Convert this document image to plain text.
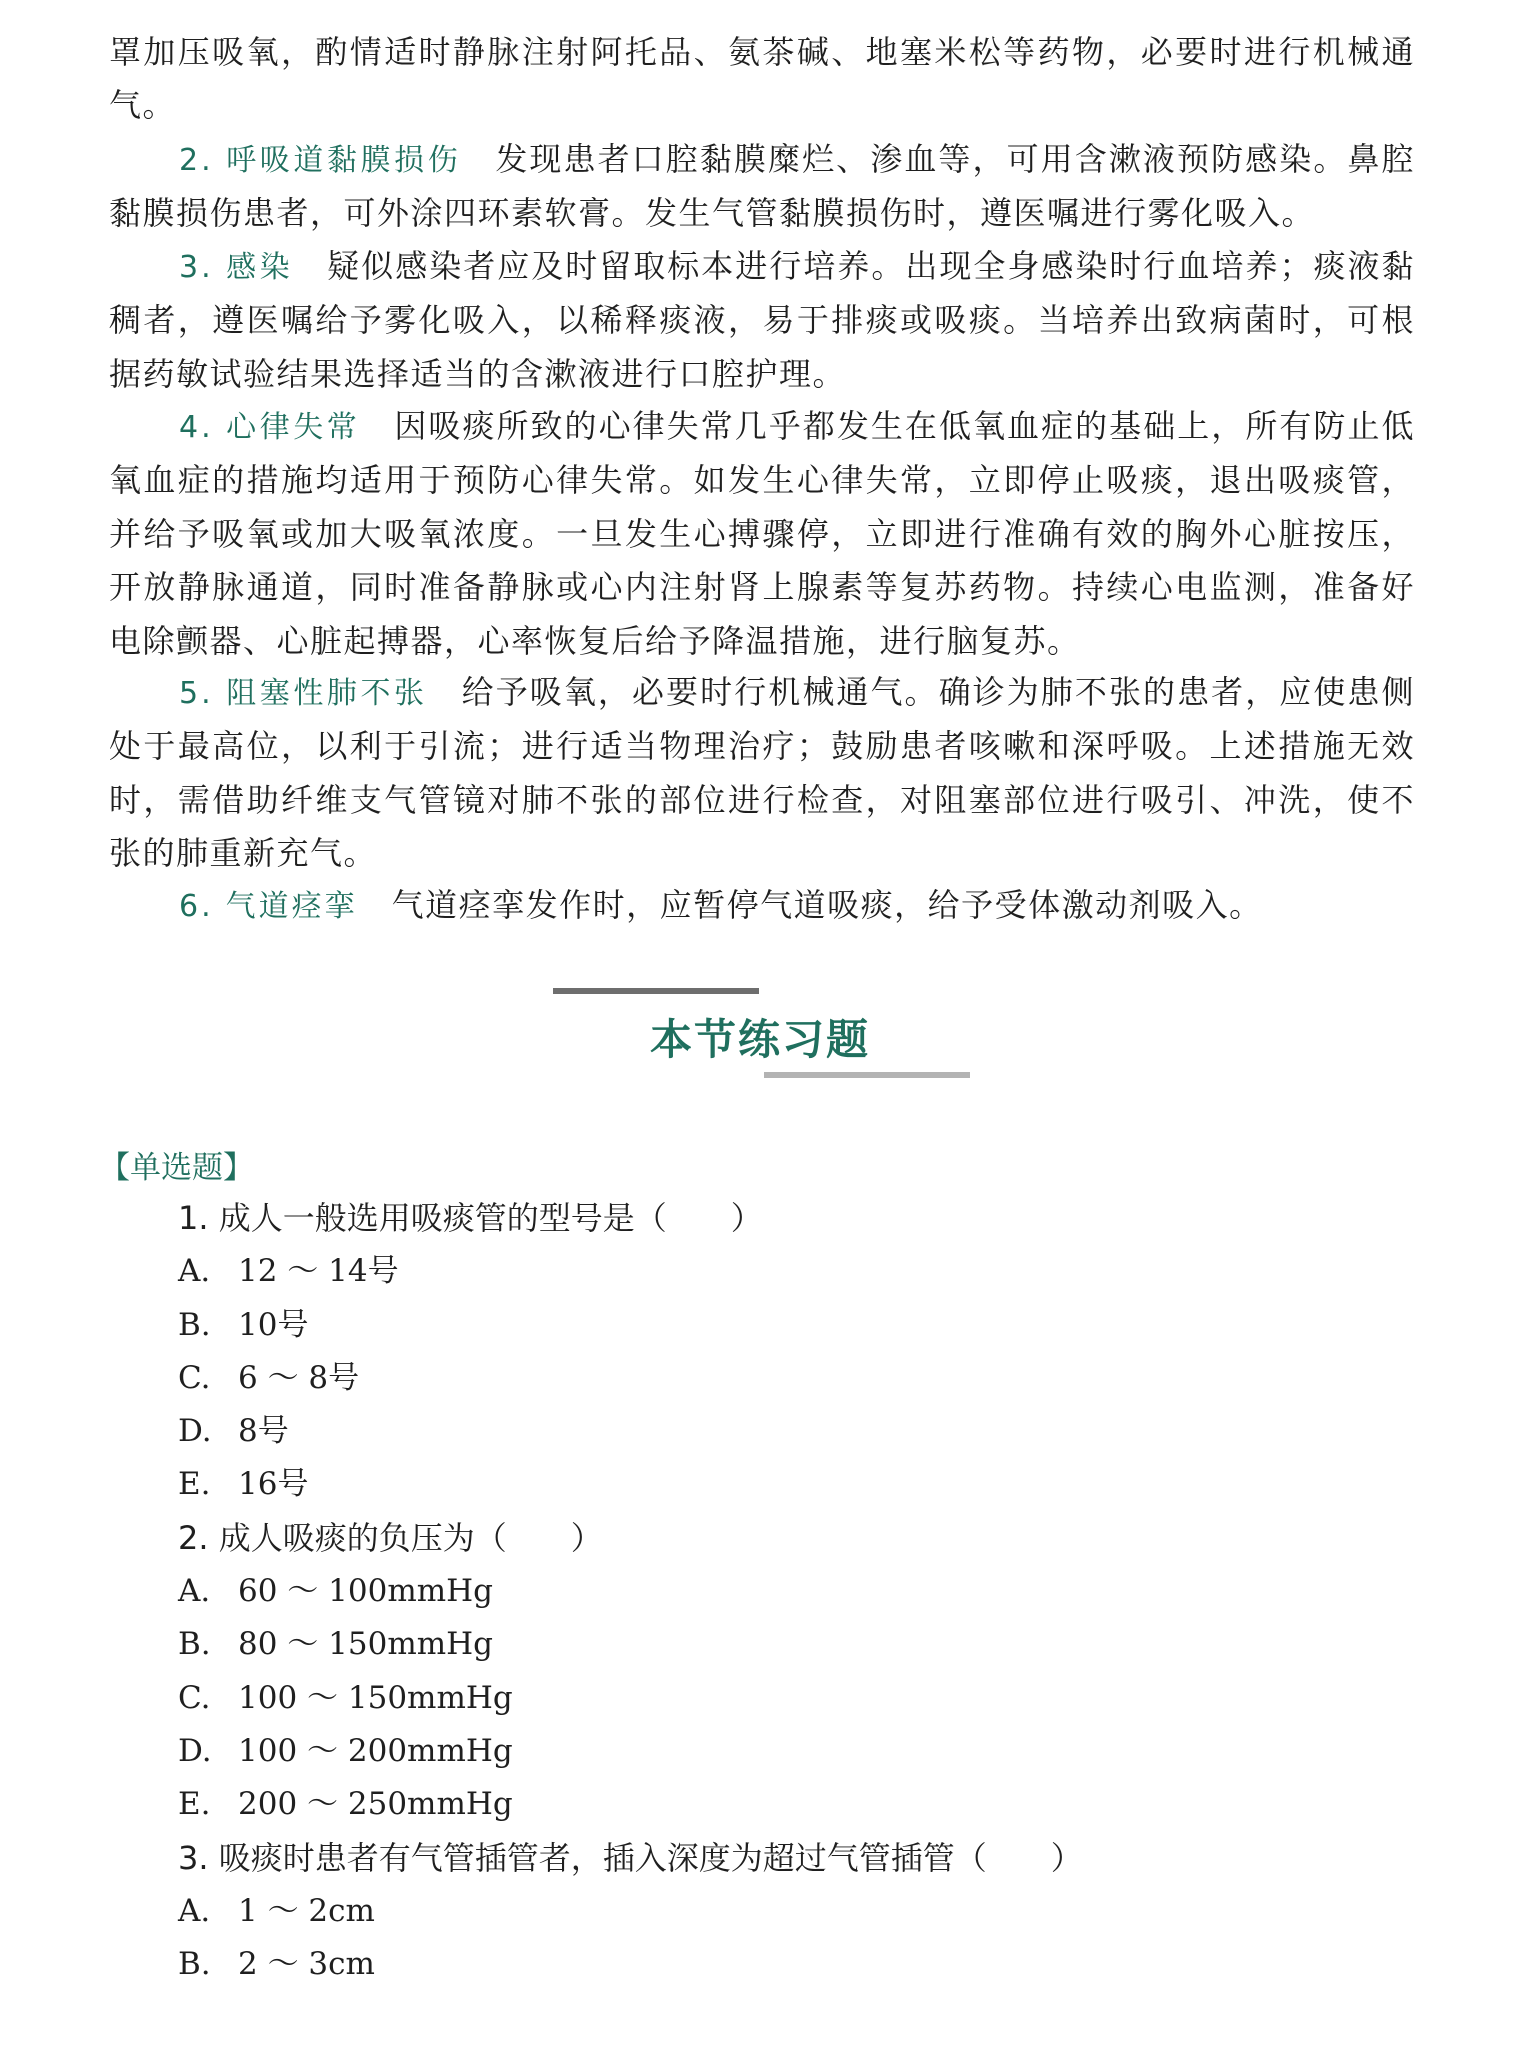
罩加压吸氧，酌情适时静脉注射阿托品、氨茶碱、地塞米松等药物，必要时进行机械通气。

2. 呼吸道黏膜损伤 发现患者口腔黏膜糜烂、渗血等，可用含漱液预防感染。鼻腔黏膜损伤患者，可外涂四环素软膏。发生气管黏膜损伤时，遵医嘱进行雾化吸入。

3. 感染 疑似感染者应及时留取标本进行培养。出现全身感染时行血培养；痰液黏稠者，遵医嘱给予雾化吸入，以稀释痰液，易于排痰或吸痰。当培养出致病菌时，可根据药敏试验结果选择适当的含漱液进行口腔护理。

4. 心律失常 因吸痰所致的心律失常几乎都发生在低氧血症的基础上，所有防止低氧血症的措施均适用于预防心律失常。如发生心律失常，立即停止吸痰，退出吸痰管，并给予吸氧或加大吸氧浓度。一旦发生心搏骤停，立即进行准确有效的胸外心脏按压，开放静脉通道，同时准备静脉或心内注射肾上腺素等复苏药物。持续心电监测，准备好电除颤器、心脏起搏器，心率恢复后给予降温措施，进行脑复苏。

5. 阻塞性肺不张 给予吸氧，必要时行机械通气。确诊为肺不张的患者，应使患侧处于最高位，以利于引流；进行适当物理治疗；鼓励患者咳嗽和深呼吸。上述措施无效时，需借助纤维支气管镜对肺不张的部位进行检查，对阻塞部位进行吸引、冲洗，使不张的肺重新充气。

6. 气道痉挛 气道痉挛发作时，应暂停气道吸痰，给予受体激动剂吸入。

本节练习题
【单选题】
1. 成人一般选用吸痰管的型号是（　　）
A. 12 ～ 14号
B. 10号
C. 6 ～ 8号
D. 8号
E. 16号
2. 成人吸痰的负压为（　　）
A. 60 ～ 100mmHg
B. 80 ～ 150mmHg
C. 100 ～ 150mmHg
D. 100 ～ 200mmHg
E. 200 ～ 250mmHg
3. 吸痰时患者有气管插管者，插入深度为超过气管插管（　　）
A. 1 ～ 2cm
B. 2 ～ 3cm
